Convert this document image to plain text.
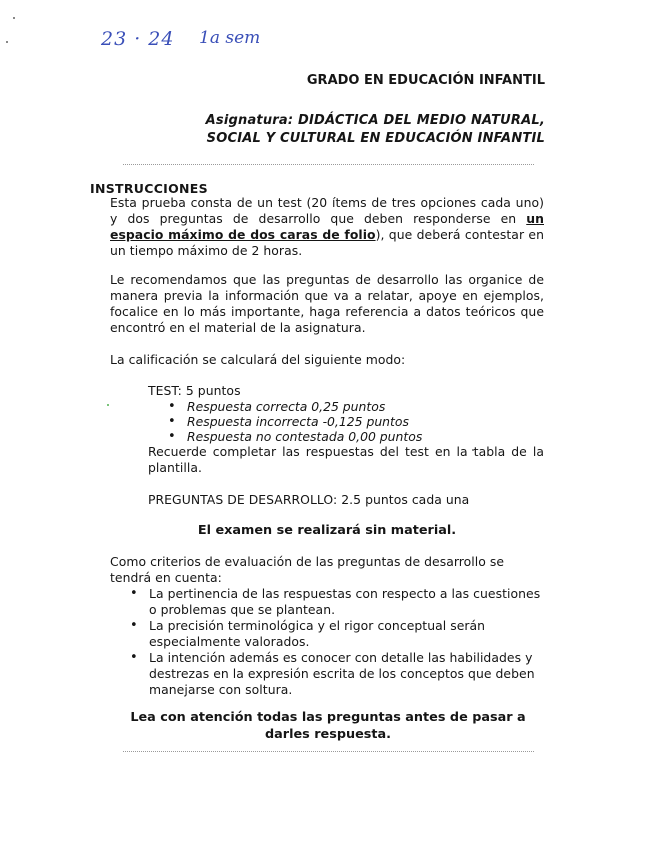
23 · 24 1a sem
GRADO EN EDUCACIÓN INFANTIL
Asignatura: DIDÁCTICA DEL MEDIO NATURAL,
SOCIAL Y CULTURAL EN EDUCACIÓN INFANTIL
INSTRUCCIONES
Esta prueba consta de un test (20 ítems de tres opciones cada uno) y dos preguntas de desarrollo que deben responderse en un espacio máximo de dos caras de folio), que deberá contestar en un tiempo máximo de 2 horas.
Le recomendamos que las preguntas de desarrollo las organice de manera previa la información que va a relatar, apoye en ejemplos, focalice en lo más importante, haga referencia a datos teóricos que encontró en el material de la asignatura.
La calificación se calculará del siguiente modo:
TEST: 5 puntos
• Respuesta correcta 0,25 puntos
• Respuesta incorrecta -0,125 puntos
• Respuesta no contestada 0,00 puntos
Recuerde completar las respuestas del test en la tabla de la plantilla.
PREGUNTAS DE DESARROLLO: 2.5 puntos cada una
El examen se realizará sin material.
Como criterios de evaluación de las preguntas de desarrollo se tendrá en cuenta:
• La pertinencia de las respuestas con respecto a las cuestiones o problemas que se plantean.
• La precisión terminológica y el rigor conceptual serán especialmente valorados.
• La intención además es conocer con detalle las habilidades y destrezas en la expresión escrita de los conceptos que deben manejarse con soltura.
Lea con atención todas las preguntas antes de pasar a darles respuesta.
